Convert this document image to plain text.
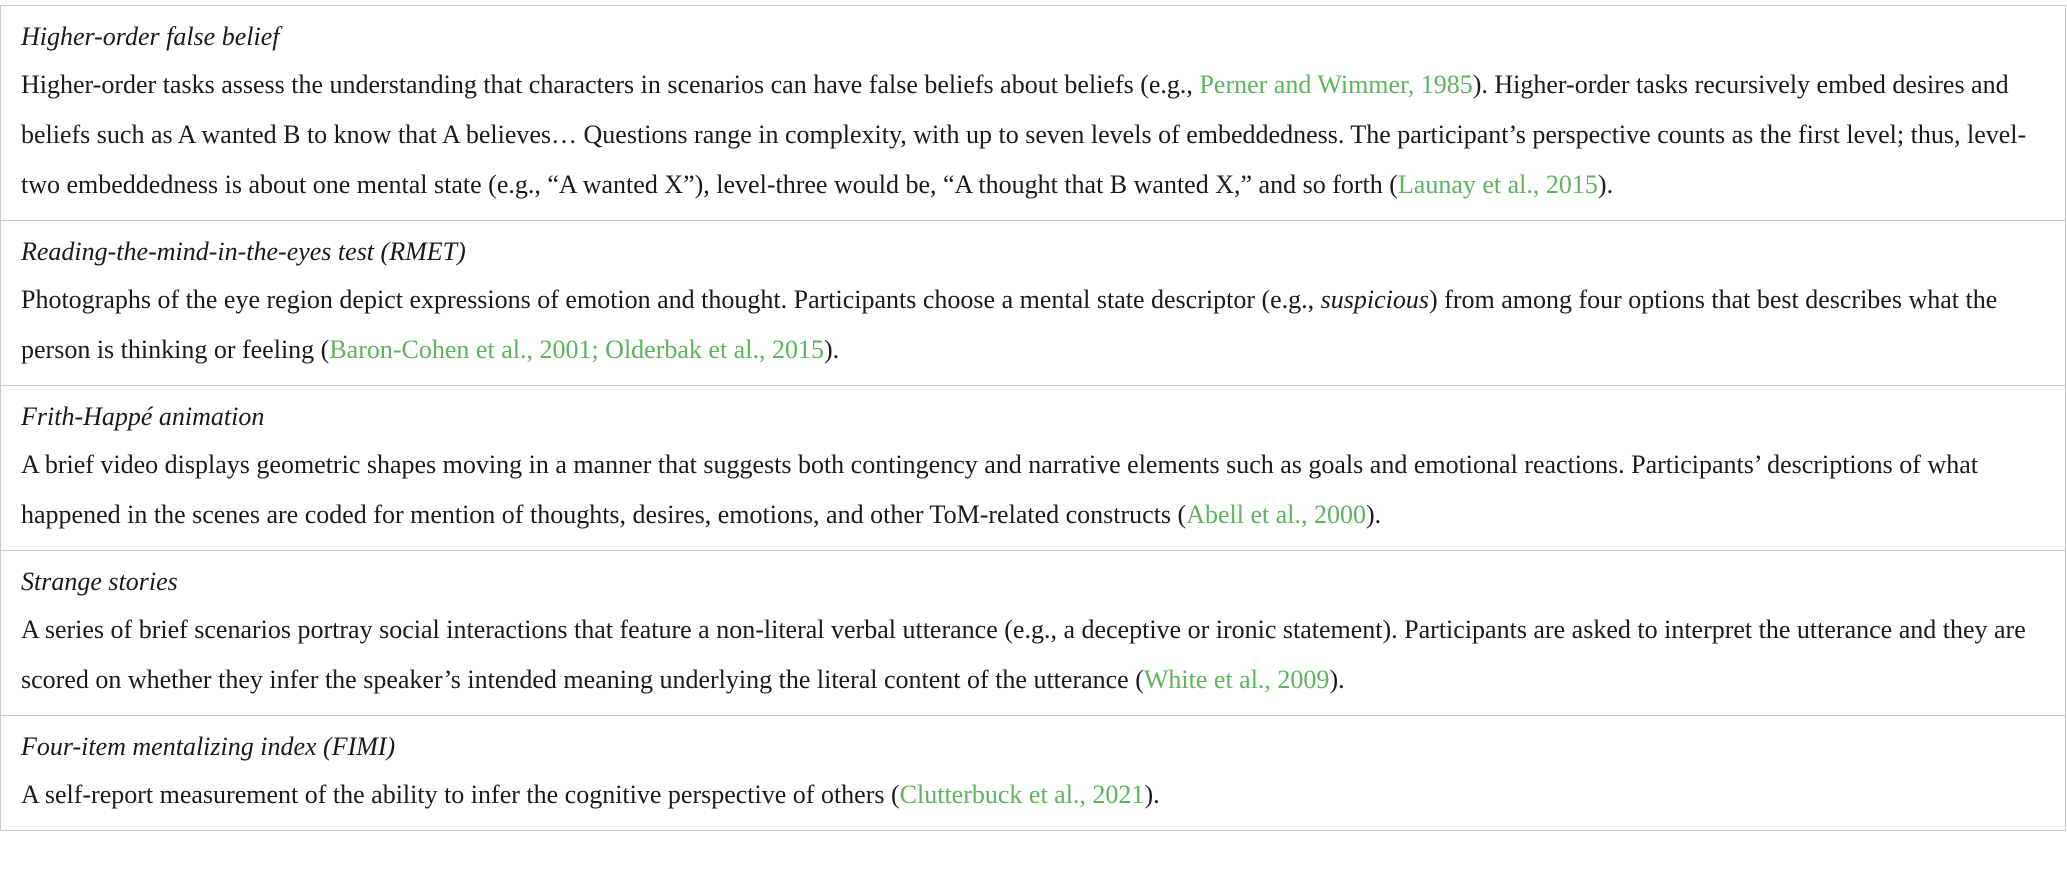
Higher-order false belief

Higher-order tasks assess the understanding that characters in scenarios can have false beliefs about beliefs (e.g., Perner and Wimmer, 1985). Higher-order tasks recursively embed desires and beliefs such as A wanted B to know that A believes… Questions range in complexity, with up to seven levels of embeddedness. The participant’s perspective counts as the first level; thus, level-two embeddedness is about one mental state (e.g., “A wanted X”), level-three would be, “A thought that B wanted X,” and so forth (Launay et al., 2015).

Reading-the-mind-in-the-eyes test (RMET)

Photographs of the eye region depict expressions of emotion and thought. Participants choose a mental state descriptor (e.g., suspicious) from among four options that best describes what the person is thinking or feeling (Baron-Cohen et al., 2001; Olderbak et al., 2015).

Frith-Happé animation

A brief video displays geometric shapes moving in a manner that suggests both contingency and narrative elements such as goals and emotional reactions. Participants’ descriptions of what happened in the scenes are coded for mention of thoughts, desires, emotions, and other ToM-related constructs (Abell et al., 2000).

Strange stories

A series of brief scenarios portray social interactions that feature a non-literal verbal utterance (e.g., a deceptive or ironic statement). Participants are asked to interpret the utterance and they are scored on whether they infer the speaker’s intended meaning underlying the literal content of the utterance (White et al., 2009).

Four-item mentalizing index (FIMI)

A self-report measurement of the ability to infer the cognitive perspective of others (Clutterbuck et al., 2021).
